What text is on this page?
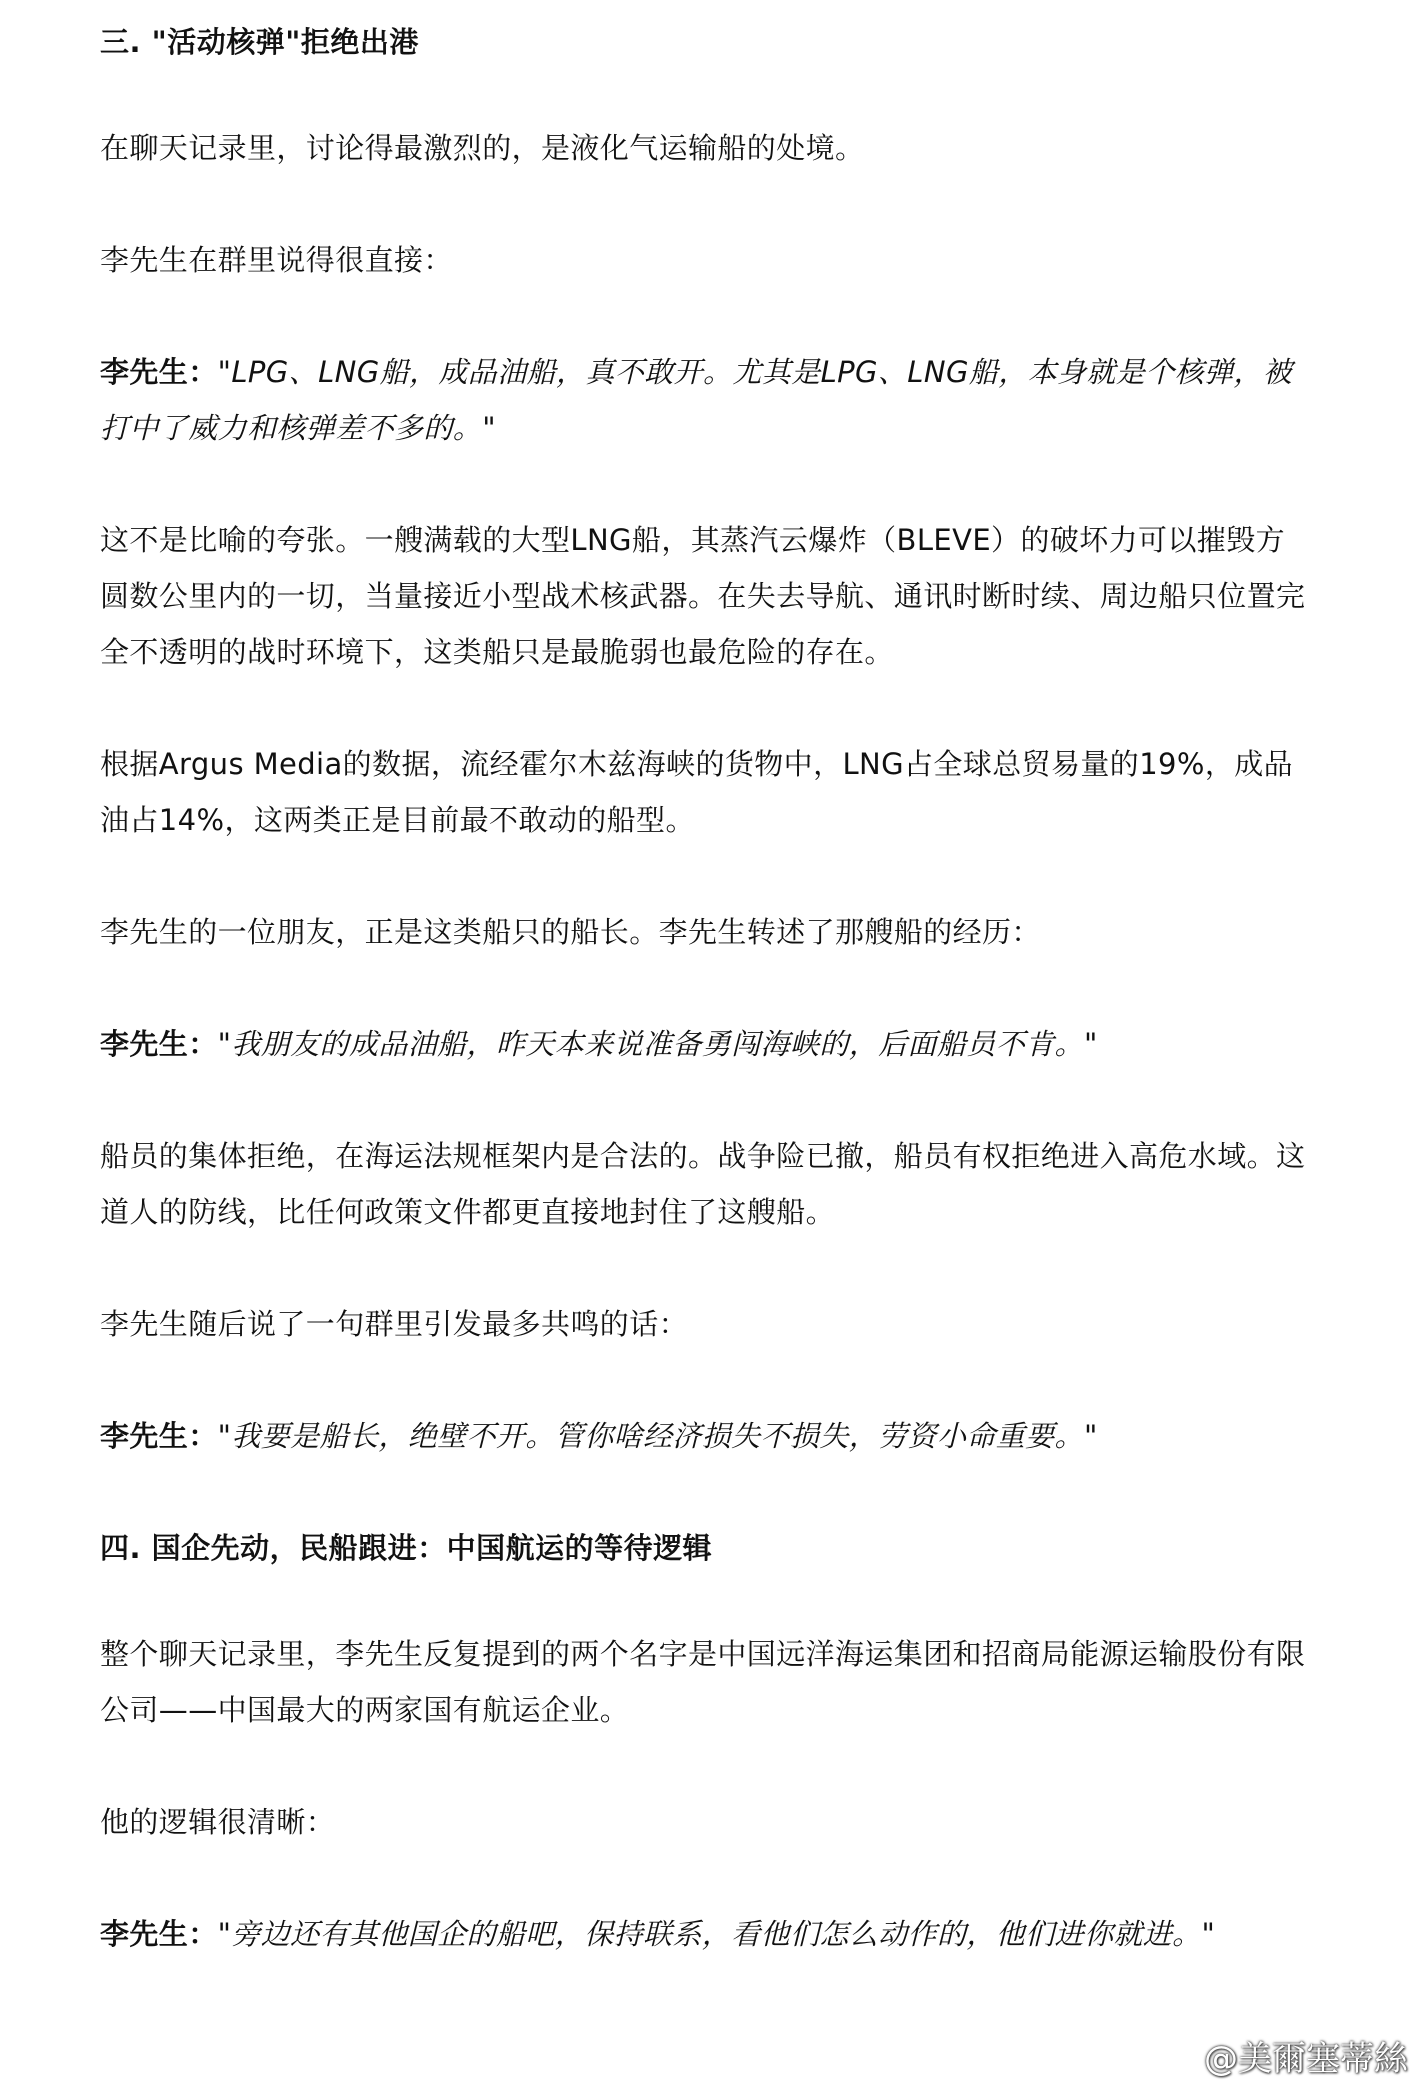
三. "活动核弹"拒绝出港
在聊天记录里，讨论得最激烈的，是液化气运输船的处境。
李先生在群里说得很直接：
李先生："LPG、LNG船，成品油船，真不敢开。尤其是LPG、LNG船，本身就是个核弹，被打中了威力和核弹差不多的。"
这不是比喻的夸张。一艘满载的大型LNG船，其蒸汽云爆炸（BLEVE）的破坏力可以摧毁方圆数公里内的一切，当量接近小型战术核武器。在失去导航、通讯时断时续、周边船只位置完全不透明的战时环境下，这类船只是最脆弱也最危险的存在。
根据Argus Media的数据，流经霍尔木兹海峡的货物中，LNG占全球总贸易量的19%，成品油占14%，这两类正是目前最不敢动的船型。
李先生的一位朋友，正是这类船只的船长。李先生转述了那艘船的经历：
李先生："我朋友的成品油船，昨天本来说准备勇闯海峡的，后面船员不肯。"
船员的集体拒绝，在海运法规框架内是合法的。战争险已撤，船员有权拒绝进入高危水域。这道人的防线，比任何政策文件都更直接地封住了这艘船。
李先生随后说了一句群里引发最多共鸣的话：
李先生："我要是船长，绝壁不开。管你啥经济损失不损失，劳资小命重要。"
四. 国企先动，民船跟进：中国航运的等待逻辑
整个聊天记录里，李先生反复提到的两个名字是中国远洋海运集团和招商局能源运输股份有限公司——中国最大的两家国有航运企业。
他的逻辑很清晰：
李先生："旁边还有其他国企的船吧，保持联系，看他们怎么动作的，他们进你就进。"
@美爾塞蒂絲
